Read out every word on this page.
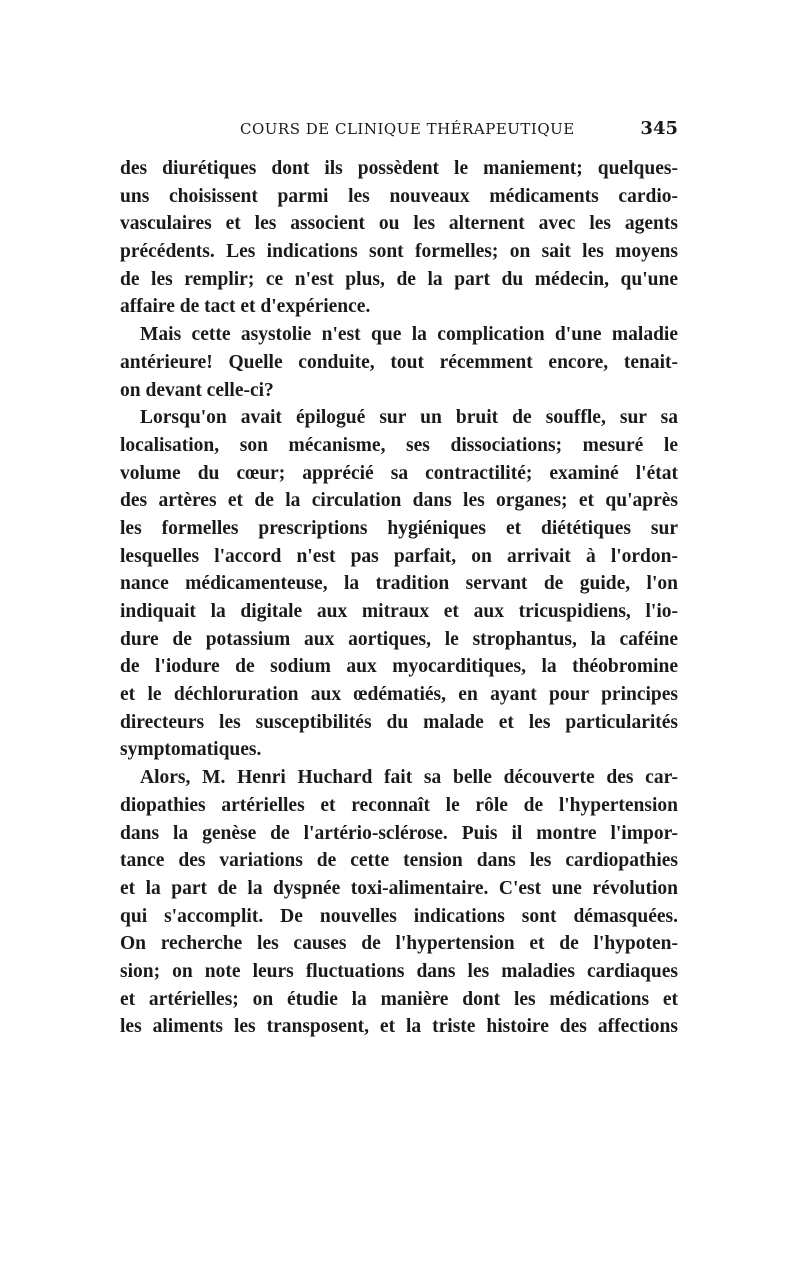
COURS DE CLINIQUE THÉRAPEUTIQUE	345
des diurétiques dont ils possèdent le maniement; quelques-
uns choisissent parmi les nouveaux médicaments cardio-
vasculaires et les associent ou les alternent avec les agents
précédents. Les indications sont formelles; on sait les moyens
de les remplir; ce n'est plus, de la part du médecin, qu'une
affaire de tact et d'expérience.
Mais cette asystolie n'est que la complication d'une maladie
antérieure! Quelle conduite, tout récemment encore, tenait-
on devant celle-ci?
Lorsqu'on avait épilogué sur un bruit de souffle, sur sa
localisation, son mécanisme, ses dissociations; mesuré le
volume du cœur; apprécié sa contractilité; examiné l'état
des artères et de la circulation dans les organes; et qu'après
les formelles prescriptions hygiéniques et diététiques sur
lesquelles l'accord n'est pas parfait, on arrivait à l'ordon-
nance médicamenteuse, la tradition servant de guide, l'on
indiquait la digitale aux mitraux et aux tricuspidiens, l'io-
dure de potassium aux aortiques, le strophantus, la caféine
de l'iodure de sodium aux myocarditiques, la théobromine
et le déchloruration aux œdématiés, en ayant pour principes
directeurs les susceptibilités du malade et les particularités
symptomatiques.
Alors, M. Henri Huchard fait sa belle découverte des car-
diopathies artérielles et reconnaît le rôle de l'hypertension
dans la genèse de l'artério-sclérose. Puis il montre l'impor-
tance des variations de cette tension dans les cardiopathies
et la part de la dyspnée toxi-alimentaire. C'est une révolution
qui s'accomplit. De nouvelles indications sont démasquées.
On recherche les causes de l'hypertension et de l'hypoten-
sion; on note leurs fluctuations dans les maladies cardiaques
et artérielles; on étudie la manière dont les médications et
les aliments les transposent, et la triste histoire des affections
